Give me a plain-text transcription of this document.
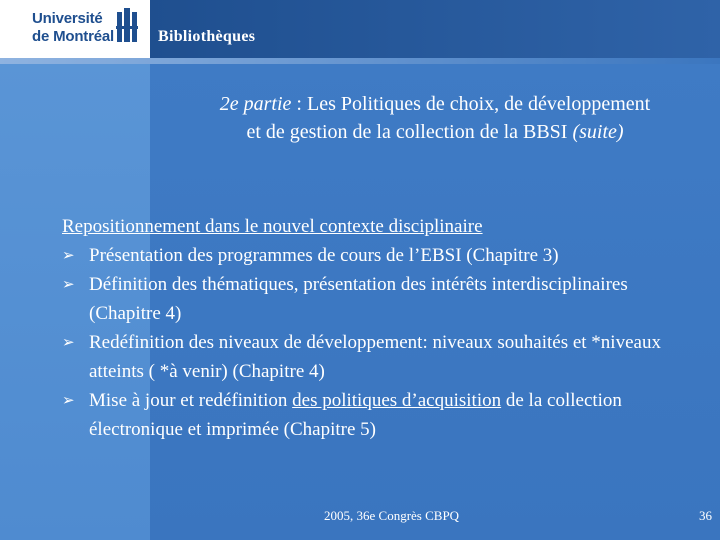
Université
de Montréal	Bibliothèques
2e partie : Les Politiques de choix, de développement
et de gestion de la collection de la BBSI (suite)
Repositionnement dans le nouvel contexte disciplinaire
➢ Présentation des programmes de cours de l’EBSI (Chapitre 3)
➢ Définition des thématiques, présentation des intérêts interdisciplinaires (Chapitre 4)
➢ Redéfinition des niveaux de développement: niveaux souhaités et *niveaux atteints ( *à venir) (Chapitre 4)
➢ Mise à jour et redéfinition des politiques d’acquisition de la collection électronique et imprimée (Chapitre 5)
2005, 36e Congrès CBPQ	36
